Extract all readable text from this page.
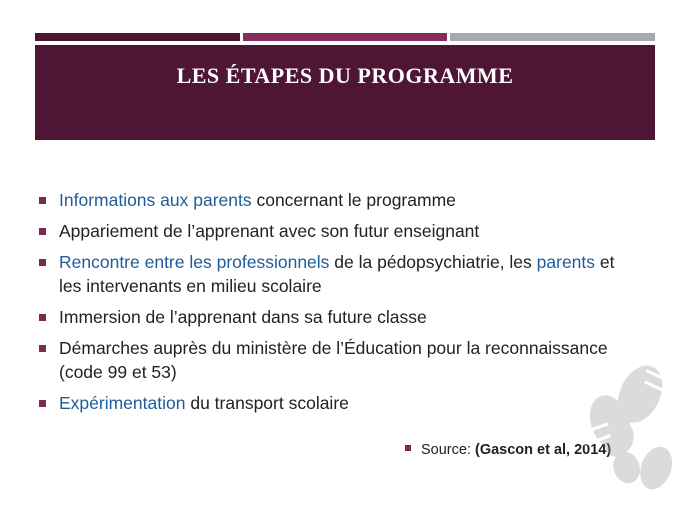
LES ÉTAPES DU PROGRAMME
Informations aux parents concernant le programme
Appariement de l’apprenant avec son futur enseignant
Rencontre entre les professionnels de la pédopsychiatrie, les parents et les intervenants en milieu scolaire
Immersion de l’apprenant dans sa future classe
Démarches auprès du ministère de l’Éducation pour la reconnaissance (code 99 et 53)
Expérimentation du transport scolaire
Source: (Gascon et al, 2014)
